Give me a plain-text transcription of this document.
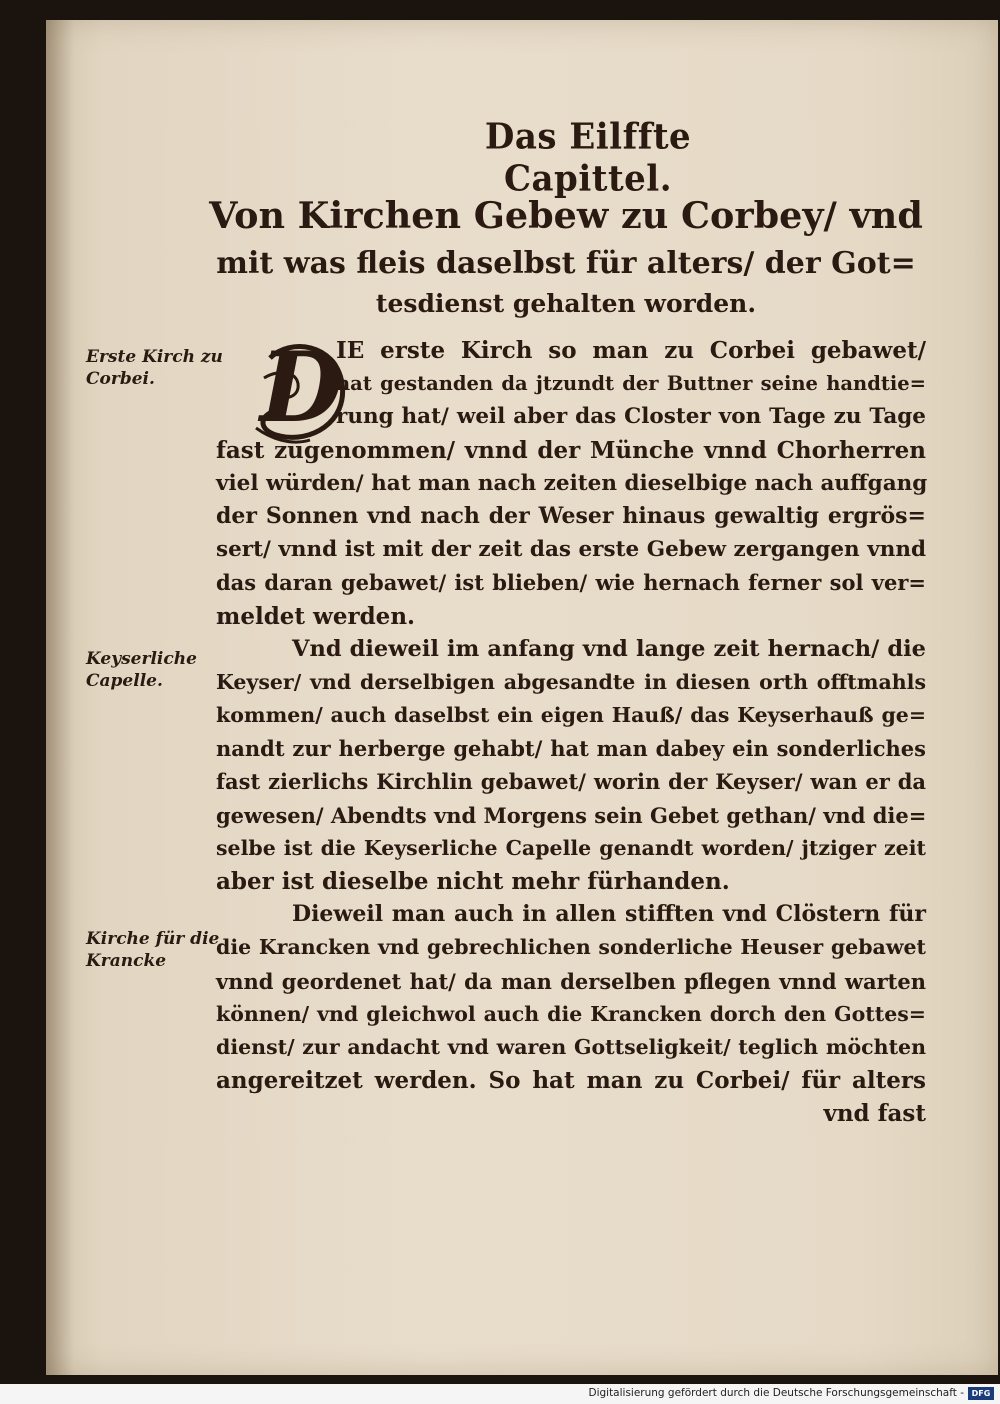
Das Eilffte Capittel.
Von Kirchen Gebew zu Corbey/ vnd
mit was fleis daselbst für alters/ der Got=
tesdienst gehalten worden.
Erste Kirch zu Corbei.
Keyserliche Capelle.
Kirche für die Krancke
D
IE erste Kirch so man zu Corbei gebawet/
hat gestanden da jtzundt der Buttner seine handtie=
rung hat/ weil aber das Closter von Tage zu Tage
fast zugenommen/ vnnd der Münche vnnd Chorherren
viel würden/ hat man nach zeiten dieselbige nach auffgang
der Sonnen vnd nach der Weser hinaus gewaltig ergrös=
sert/ vnnd ist mit der zeit das erste Gebew zergangen vnnd
das daran gebawet/ ist blieben/ wie hernach ferner sol ver=
meldet werden.
Vnd dieweil im anfang vnd lange zeit hernach/ die
Keyser/ vnd derselbigen abgesandte in diesen orth offtmahls
kommen/ auch daselbst ein eigen Hauß/ das Keyserhauß ge=
nandt zur herberge gehabt/ hat man dabey ein sonderliches
fast zierlichs Kirchlin gebawet/ worin der Keyser/ wan er da
gewesen/ Abendts vnd Morgens sein Gebet gethan/ vnd die=
selbe ist die Keyserliche Capelle genandt worden/ jtziger zeit
aber ist dieselbe nicht mehr fürhanden.
Dieweil man auch in allen stifften vnd Clöstern für
die Krancken vnd gebrechlichen sonderliche Heuser gebawet
vnnd geordenet hat/ da man derselben pflegen vnnd warten
können/ vnd gleichwol auch die Krancken dorch den Gottes=
dienst/ zur andacht vnd waren Gottseligkeit/ teglich möchten
angereitzet werden. So hat man zu Corbei/ für alters
vnd fast
Digitalisierung gefördert durch die Deutsche Forschungsgemeinschaft - DFG
